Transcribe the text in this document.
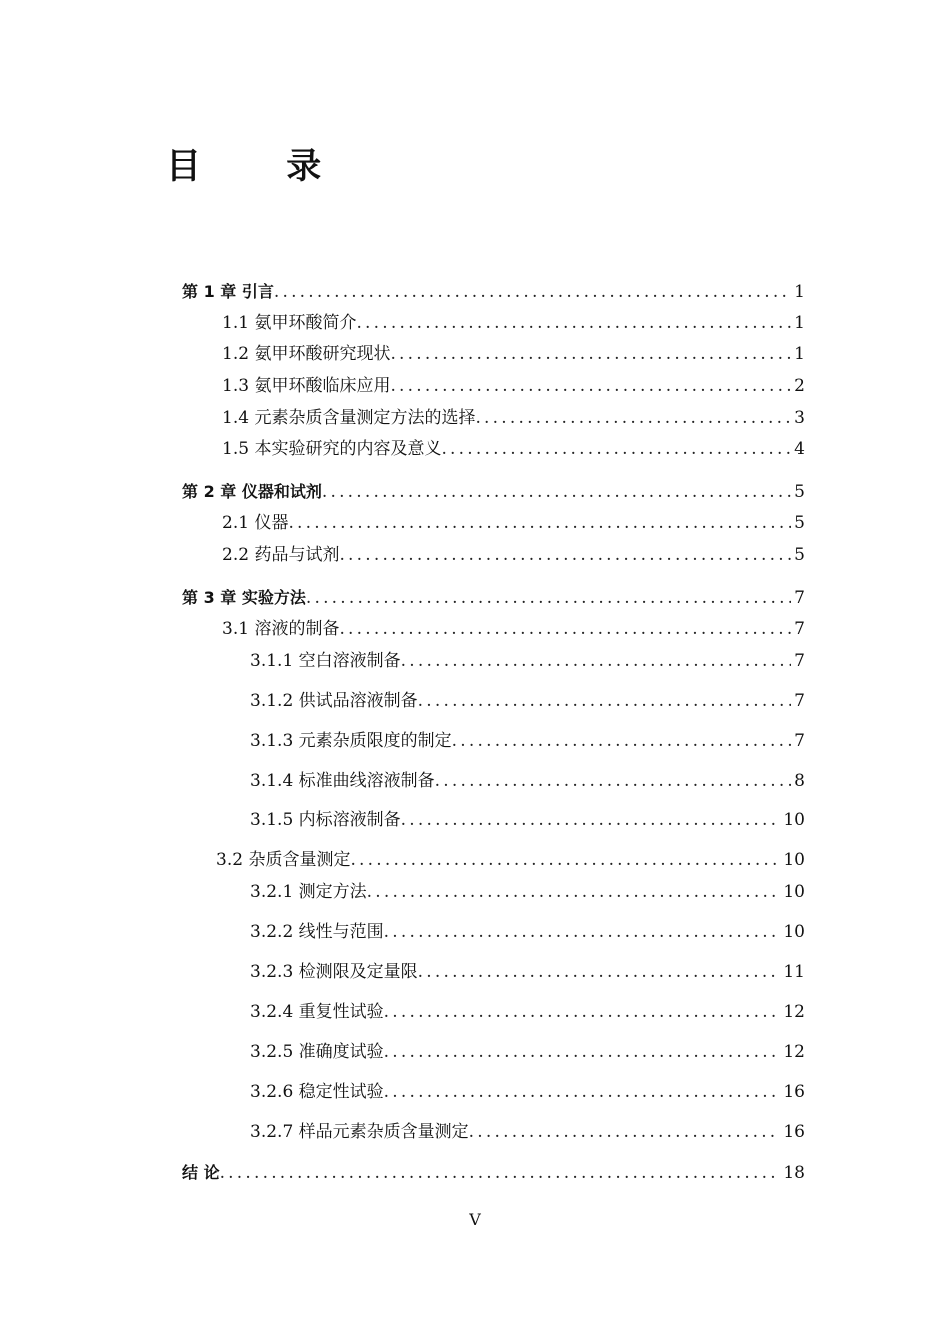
目       录
第 1 章 引言 .....	1
1.1 氨甲环酸简介 .....	1
1.2 氨甲环酸研究现状 .....	1
1.3 氨甲环酸临床应用 .....	2
1.4 元素杂质含量测定方法的选择 .....	3
1.5 本实验研究的内容及意义 .....	4
第 2 章 仪器和试剂 .....	5
2.1 仪器 .....	5
2.2 药品与试剂 .....	5
第 3 章 实验方法 .....	7
3.1 溶液的制备 .....	7
3.1.1 空白溶液制备 .....	7
3.1.2 供试品溶液制备 .....	7
3.1.3 元素杂质限度的制定 .....	7
3.1.4 标准曲线溶液制备 .....	8
3.1.5 内标溶液制备 .....	10
3.2 杂质含量测定 .....	10
3.2.1 测定方法 .....	10
3.2.2 线性与范围 .....	10
3.2.3 检测限及定量限 .....	11
3.2.4 重复性试验 .....	12
3.2.5 准确度试验 .....	12
3.2.6 稳定性试验 .....	16
3.2.7 样品元素杂质含量测定 .....	16
结 论 .....	18
V
